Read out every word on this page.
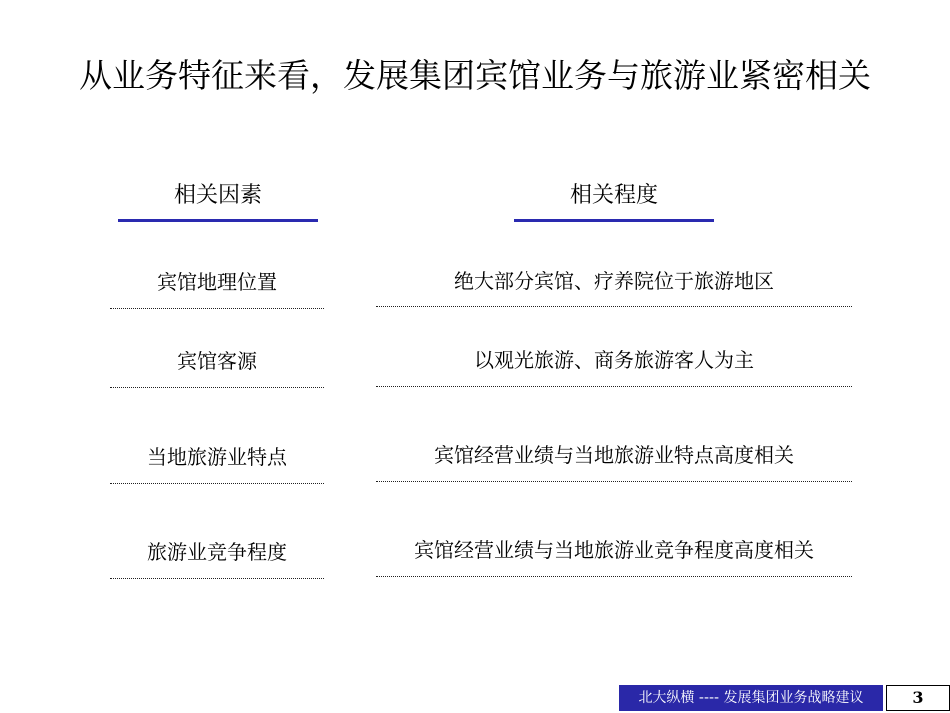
从业务特征来看，发展集团宾馆业务与旅游业紧密相关
相关因素	相关程度
宾馆地理位置	绝大部分宾馆、疗养院位于旅游地区
宾馆客源	以观光旅游、商务旅游客人为主
当地旅游业特点	宾馆经营业绩与当地旅游业特点高度相关
旅游业竞争程度	宾馆经营业绩与当地旅游业竞争程度高度相关
北大纵横 ---- 发展集团业务战略建议	3
